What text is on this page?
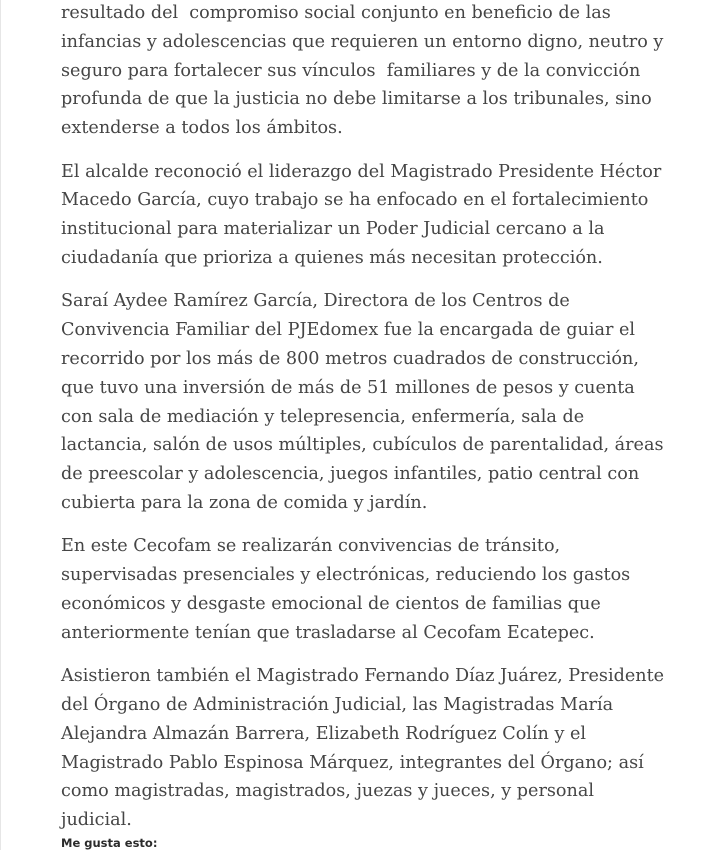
resultado del  compromiso social conjunto en beneficio de las infancias y adolescencias que requieren un entorno digno, neutro y seguro para fortalecer sus vínculos  familiares y de la convicción profunda de que la justicia no debe limitarse a los tribunales, sino extenderse a todos los ámbitos.

El alcalde reconoció el liderazgo del Magistrado Presidente Héctor Macedo García, cuyo trabajo se ha enfocado en el fortalecimiento institucional para materializar un Poder Judicial cercano a la ciudadanía que prioriza a quienes más necesitan protección.

Saraí Aydee Ramírez García, Directora de los Centros de Convivencia Familiar del PJEdomex fue la encargada de guiar el recorrido por los más de 800 metros cuadrados de construcción, que tuvo una inversión de más de 51 millones de pesos y cuenta con sala de mediación y telepresencia, enfermería, sala de lactancia, salón de usos múltiples, cubículos de parentalidad, áreas de preescolar y adolescencia, juegos infantiles, patio central con cubierta para la zona de comida y jardín.

En este Cecofam se realizarán convivencias de tránsito, supervisadas presenciales y electrónicas, reduciendo los gastos económicos y desgaste emocional de cientos de familias que anteriormente tenían que trasladarse al Cecofam Ecatepec.

Asistieron también el Magistrado Fernando Díaz Juárez, Presidente del Órgano de Administración Judicial, las Magistradas María Alejandra Almazán Barrera, Elizabeth Rodríguez Colín y el Magistrado Pablo Espinosa Márquez, integrantes del Órgano; así como magistradas, magistrados, juezas y jueces, y personal judicial.

Me gusta esto:
